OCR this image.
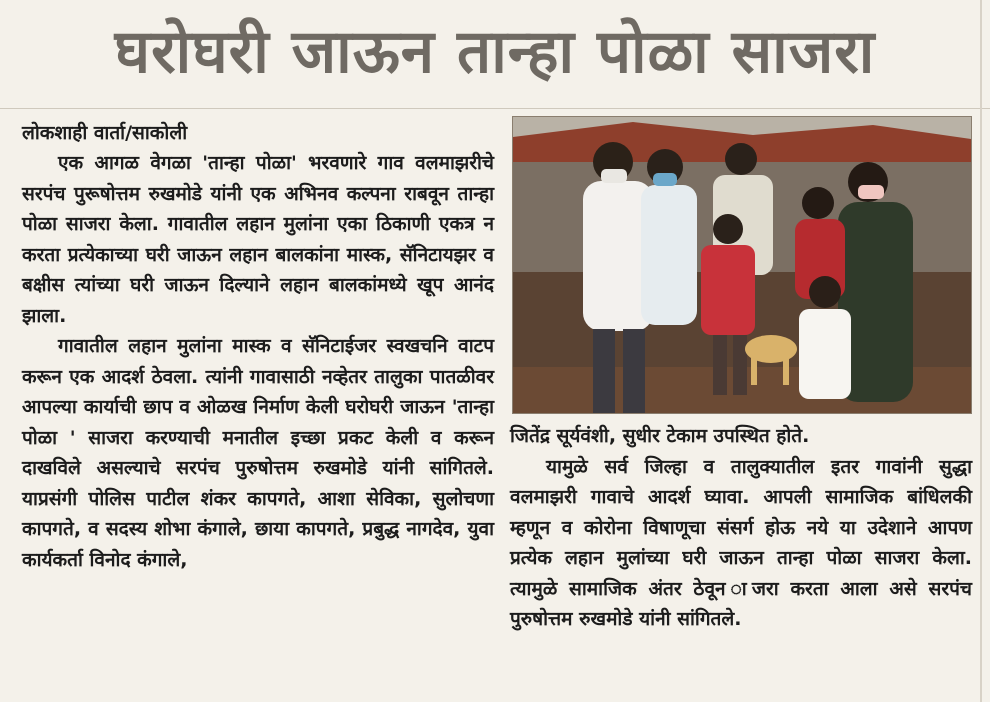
घरोघरी जाऊन तान्हा पोळा साजरा

लोकशाही वार्ता/साकोली

एक आगळ वेगळा 'तान्हा पोळा' भरवणारे गाव वलमाझरीचे सरपंच पुरूषोत्तम रुखमोडे यांनी एक अभिनव कल्पना राबवून तान्हा पोळा साजरा केला. गावातील लहान मुलांना एका ठिकाणी एकत्र न करता प्रत्येकाच्या घरी जाऊन लहान बालकांना मास्क, सॅनिटायझर व बक्षीस त्यांच्या घरी जाऊन दिल्याने लहान बालकांमध्ये खूप आनंद झाला.

गावातील लहान मुलांना मास्क व सॅनिटाईजर स्वखचनि वाटप करून एक आदर्श ठेवला. त्यांनी गावासाठी नव्हेतर तालुका पातळीवर आपल्या कार्याची छाप व ओळख निर्माण केली घरोघरी जाऊन 'तान्हा पोळा ' साजरा करण्याची मनातील इच्छा प्रकट केली व करून दाखविले असल्याचे सरपंच पुरुषोत्तम रुखमोडे यांनी सांगितले. याप्रसंगी पोलिस पाटील शंकर कापगते, आशा सेविका, सुलोचणा कापगते, व सदस्य शोभा कंगाले, छाया कापगते, प्रबुद्ध नागदेव, युवा कार्यकर्ता विनोद कंगाले,

जितेंद्र सूर्यवंशी, सुधीर टेकाम उपस्थित होते.

यामुळे सर्व जिल्हा व तालुक्यातील इतर गावांनी सुद्धा वलमाझरी गावाचे आदर्श घ्यावा. आपली सामाजिक बांधिलकी म्हणून व कोरोना विषाणूचा संसर्ग होऊ नये या उदेशाने आपण प्रत्येक लहान मुलांच्या घरी जाऊन तान्हा पोळा साजरा केला. त्यामुळे सामाजिक अंतर ठेवून ाजरा करता आला असे सरपंच पुरुषोत्तम रुखमोडे यांनी सांगितले.
